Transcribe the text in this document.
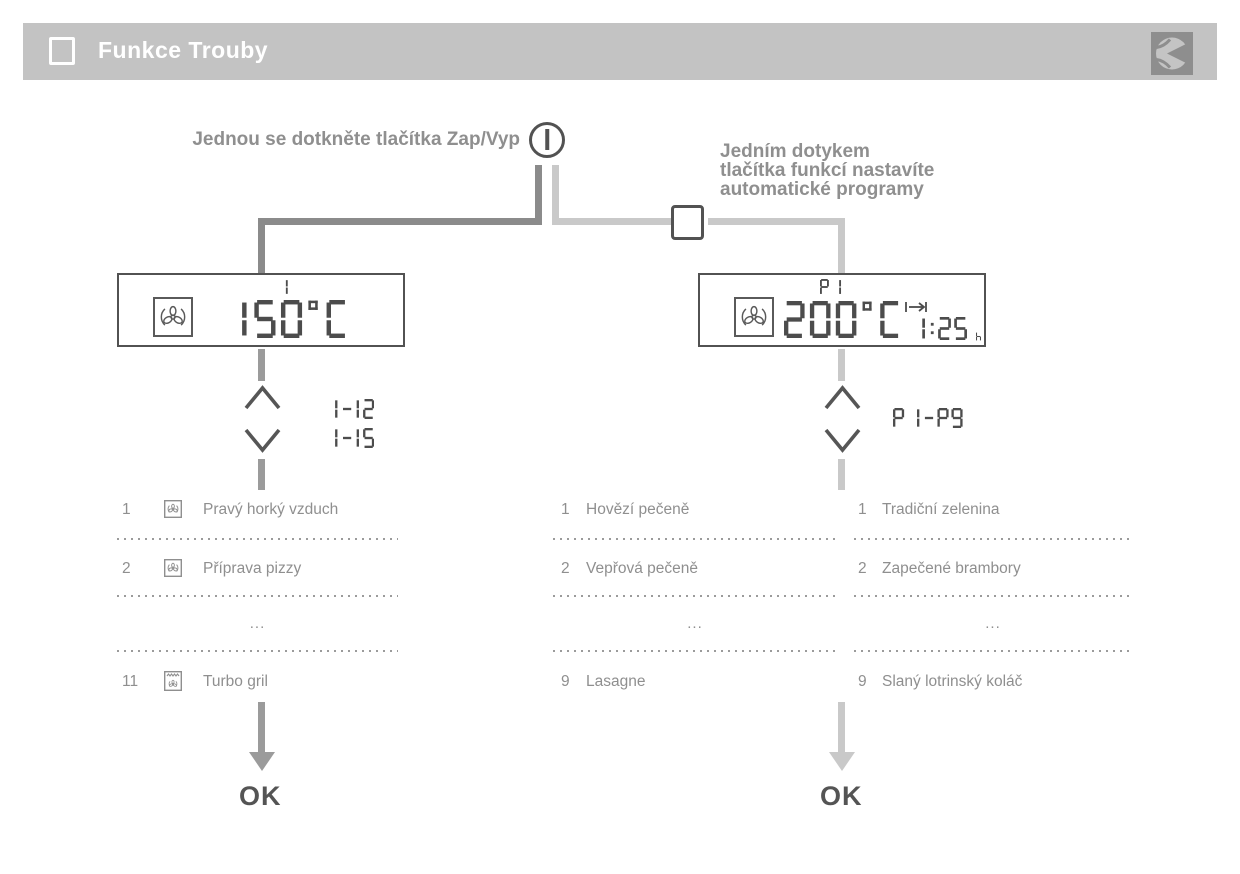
Funkce Trouby
Jednou se dotkněte tlačítka Zap/Vyp
Jedním dotykem
tlačítka funkcí nastavíte
automatické programy
1	Pravý horký vzduch
2	Příprava pizzy
...
11	Turbo gril
1 Hovězí pečeně
2 Vepřová pečeně
...
9 Lasagne
1 Tradiční zelenina
2 Zapečené brambory
...
9 Slaný lotrinský koláč
OK	OK
